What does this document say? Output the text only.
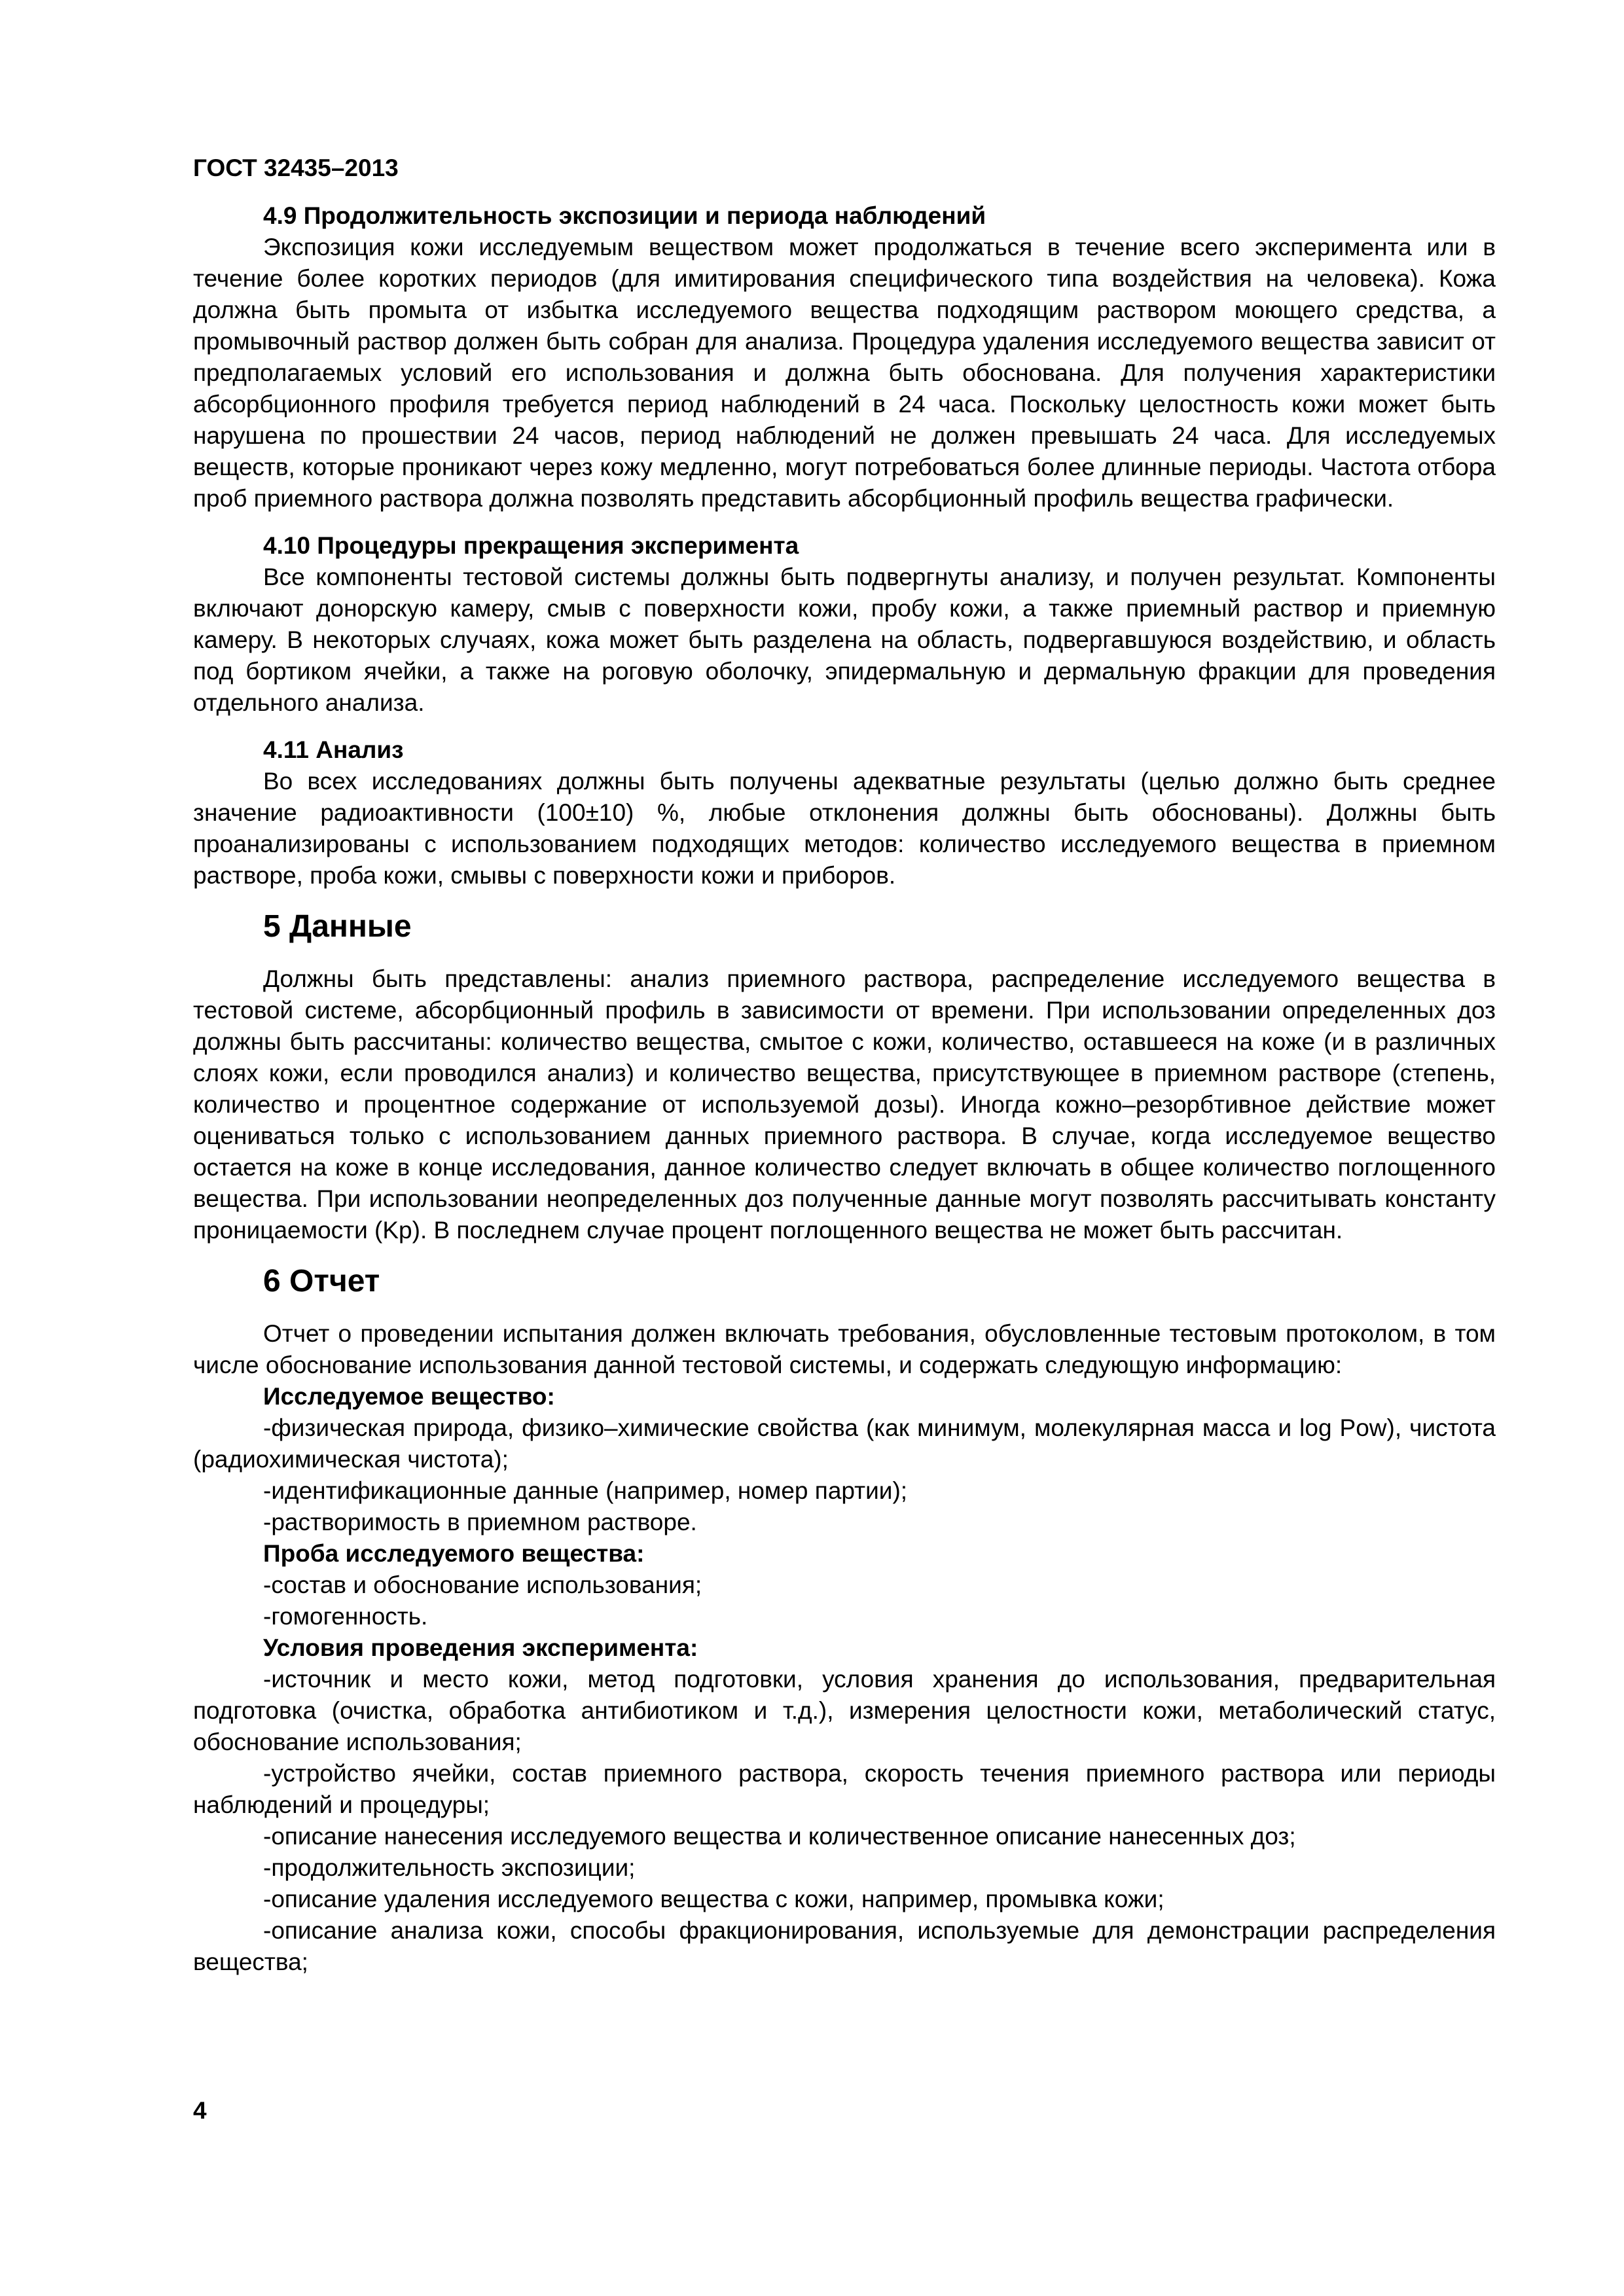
ГОСТ 32435–2013

4.9 Продолжительность экспозиции и периода наблюдений

Экспозиция кожи исследуемым веществом может продолжаться в течение всего эксперимента или в течение более коротких периодов (для имитирования специфического типа воздействия на человека). Кожа должна быть промыта от избытка исследуемого вещества подходящим раствором моющего средства, а промывочный раствор должен быть собран для анализа. Процедура удаления исследуемого вещества зависит от предполагаемых условий его использования и должна быть обоснована. Для получения характеристики абсорбционного профиля требуется период наблюдений в 24 часа. Поскольку целостность кожи может быть нарушена по прошествии 24 часов, период наблюдений не должен превышать 24 часа. Для исследуемых веществ, которые проникают через кожу медленно, могут потребоваться более длинные периоды. Частота отбора проб приемного раствора должна позволять представить абсорбционный профиль вещества графически.

4.10 Процедуры прекращения эксперимента

Все компоненты тестовой системы должны быть подвергнуты анализу, и получен результат. Компоненты включают донорскую камеру, смыв с поверхности кожи, пробу кожи, а также приемный раствор и приемную камеру. В некоторых случаях, кожа может быть разделена на область, подвергавшуюся воздействию, и область под бортиком ячейки, а также на роговую оболочку, эпидермальную и дермальную фракции для проведения отдельного анализа.

4.11 Анализ

Во всех исследованиях должны быть получены адекватные результаты (целью должно быть среднее значение радиоактивности (100±10) %, любые отклонения должны быть обоснованы). Должны быть проанализированы с использованием подходящих методов: количество исследуемого вещества в приемном растворе, проба кожи, смывы с поверхности кожи и приборов.

5 Данные

Должны быть представлены: анализ приемного раствора, распределение исследуемого вещества в тестовой системе, абсорбционный профиль в зависимости от времени. При использовании определенных доз должны быть рассчитаны: количество вещества, смытое с кожи, количество, оставшееся на коже (и в различных слоях кожи, если проводился анализ) и количество вещества, присутствующее в приемном растворе (степень, количество и процентное содержание от используемой дозы). Иногда кожно–резорбтивное действие может оцениваться только с использованием данных приемного раствора. В случае, когда исследуемое вещество остается на коже в конце исследования, данное количество следует включать в общее количество поглощенного вещества. При использовании неопределенных доз полученные данные могут позволять рассчитывать константу проницаемости (Kp). В последнем случае процент поглощенного вещества не может быть рассчитан.

6 Отчет

Отчет о проведении испытания должен включать требования, обусловленные тестовым протоколом, в том числе обоснование использования данной тестовой системы, и содержать следующую информацию:

Исследуемое вещество:

-физическая природа, физико–химические свойства (как минимум, молекулярная масса и log Pow), чистота (радиохимическая чистота);

-идентификационные данные (например, номер партии);

-растворимость в приемном растворе.

Проба исследуемого вещества:

-состав и обоснование использования;

-гомогенность.

Условия проведения эксперимента:

-источник и место кожи, метод подготовки, условия хранения до использования, предварительная подготовка (очистка, обработка антибиотиком и т.д.), измерения целостности кожи, метаболический статус, обоснование использования;

-устройство ячейки, состав приемного раствора, скорость течения приемного раствора или периоды наблюдений и процедуры;

-описание нанесения исследуемого вещества и количественное описание нанесенных доз;

-продолжительность экспозиции;

-описание удаления исследуемого вещества с кожи, например, промывка кожи;

-описание анализа кожи, способы фракционирования, используемые для демонстрации распределения вещества;

4
